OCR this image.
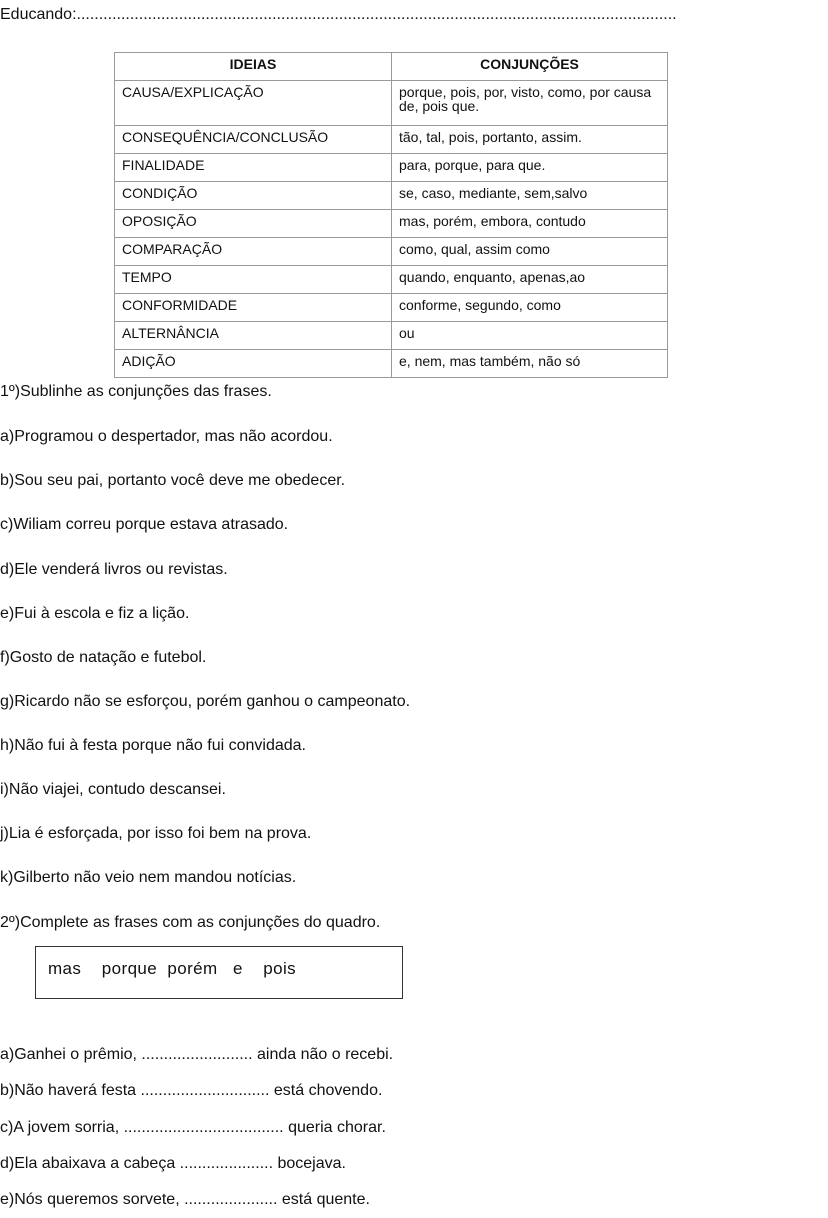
Educando:.......................................................................................................................................
IDEIAS	CONJUNÇÕES
CAUSA/EXPLICAÇÃO	porque, pois, por, visto, como, por causa de, pois que.
CONSEQUÊNCIA/CONCLUSÃO	tão, tal, pois, portanto, assim.
FINALIDADE	para, porque, para que.
CONDIÇÃO	se, caso, mediante, sem,salvo
OPOSIÇÃO	mas, porém, embora, contudo
COMPARAÇÃO	como, qual, assim como
TEMPO	quando, enquanto, apenas,ao
CONFORMIDADE	conforme, segundo, como
ALTERNÂNCIA	ou
ADIÇÃO	e, nem, mas também, não só
1º)Sublinhe as conjunções das frases.
a)Programou o despertador, mas não acordou.
b)Sou seu pai, portanto você deve me obedecer.
c)Wiliam correu porque estava atrasado.
d)Ele venderá livros ou revistas.
e)Fui à escola e fiz a lição.
f)Gosto de natação e futebol.
g)Ricardo não se esforçou, porém ganhou o campeonato.
h)Não fui à festa porque não fui convidada.
i)Não viajei, contudo descansei.
j)Lia é esforçada, por isso foi bem na prova.
k)Gilberto não veio nem mandou notícias.
2º)Complete as frases com as conjunções do quadro.
mas    porque  porém   e    pois
a)Ganhei o prêmio, ......................... ainda não o recebi.
b)Não haverá festa ............................. está chovendo.
c)A jovem sorria, .................................... queria chorar.
d)Ela abaixava a cabeça ..................... bocejava.
e)Nós queremos sorvete, ..................... está quente.
